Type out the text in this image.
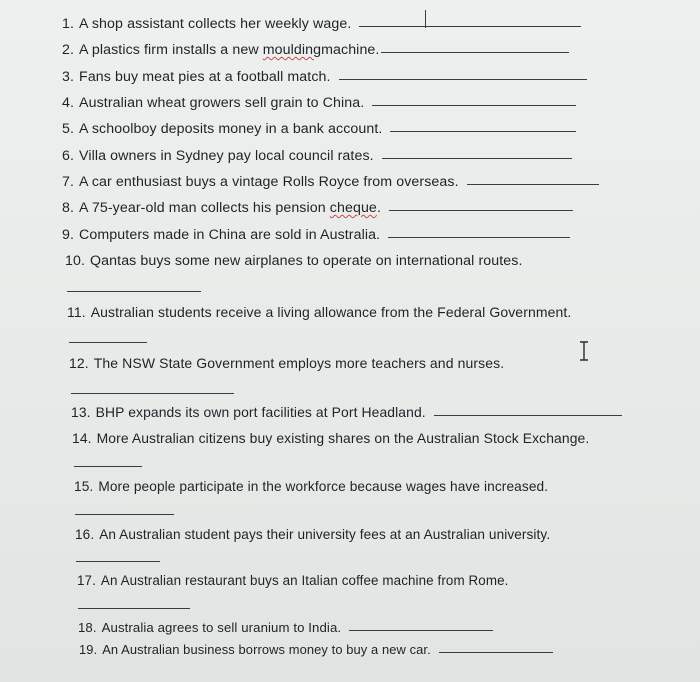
1. A shop assistant collects her weekly wage.
2. A plastics firm installs a new moulding machine.
3. Fans buy meat pies at a football match.
4. Australian wheat growers sell grain to China.
5. A schoolboy deposits money in a bank account.
6. Villa owners in Sydney pay local council rates.
7. A car enthusiast buys a vintage Rolls Royce from overseas.
8. A 75-year-old man collects his pension cheque .
9. Computers made in China are sold in Australia.
10. Qantas buys some new airplanes to operate on international routes.
11. Australian students receive a living allowance from the Federal Government.
12. The NSW State Government employs more teachers and nurses.
13. BHP expands its own port facilities at Port Headland.
14. More Australian citizens buy existing shares on the Australian Stock Exchange.
15. More people participate in the workforce because wages have increased.
16. An Australian student pays their university fees at an Australian university.
17. An Australian restaurant buys an Italian coffee machine from Rome.
18. Australia agrees to sell uranium to India.
19. An Australian business borrows money to buy a new car.
